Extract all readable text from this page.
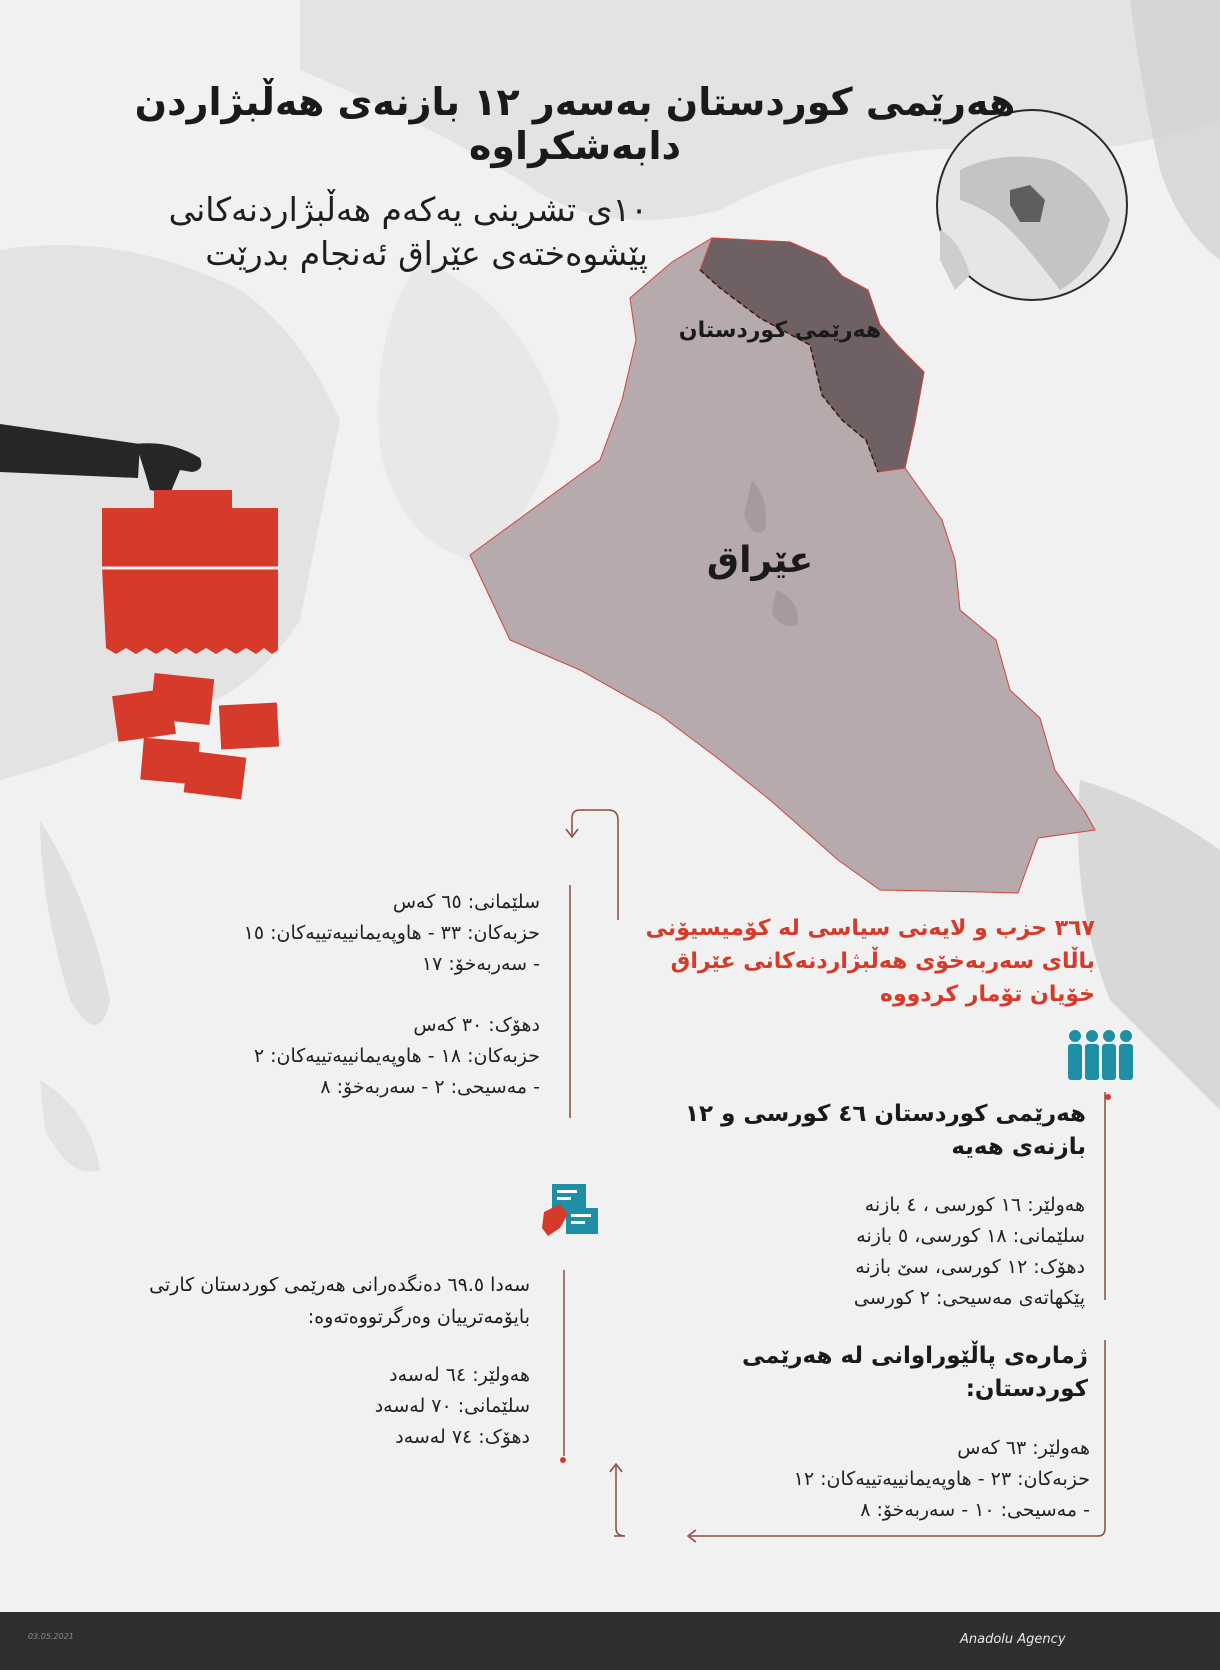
هەرێمی کوردستان بەسەر ١٢ بازنەی هەڵبژاردن دابەشکراوە
١٠ی تشرینی یەکەم هەڵبژاردنەکانی پێشوەختەی عێراق ئەنجام بدرێت
هەرێمی کوردستان
عێراق
٣٦٧ حزب و لایەنی سیاسی لە کۆمیسیۆنی باڵای سەربەخۆی هەڵبژاردنەکانی عێراق خۆیان تۆمار کردووە
هەرێمی کوردستان ٤٦ کورسی و ١٢ بازنەی هەیە
هەولێر: ١٦ کورسی ، ٤ بازنە
سلێمانی: ١٨ کورسی، ٥ بازنە
دهۆک: ١٢ کورسی، سێ بازنە
پێکهاتەی مەسیحی: ٢ کورسی
ژمارەی پاڵێوراوانی لە هەرێمی کوردستان:
هەولێر: ٦٣ کەس
حزبەکان: ٢٣ - هاوپەیمانییەتییەکان: ١٢
- مەسیحی: ١٠ - سەربەخۆ: ٨
سلێمانی: ٦٥ کەس
حزبەکان: ٣٣ - هاوپەیمانییەتییەکان: ١٥
- سەربەخۆ: ١٧
دهۆک: ٣٠ کەس
حزبەکان: ١٨ - هاوپەیمانییەتییەکان: ٢
- مەسیحی: ٢ - سەربەخۆ: ٨
سەدا ٦٩.٥ دەنگدەرانی هەرێمی کوردستان کارتی بایۆمەترییان وەرگرتووەتەوە:
هەولێر: ٦٤ لەسەد
سلێمانی: ٧٠ لەسەد
دهۆک: ٧٤ لەسەد
03.05.2021	Anadolu Agency
